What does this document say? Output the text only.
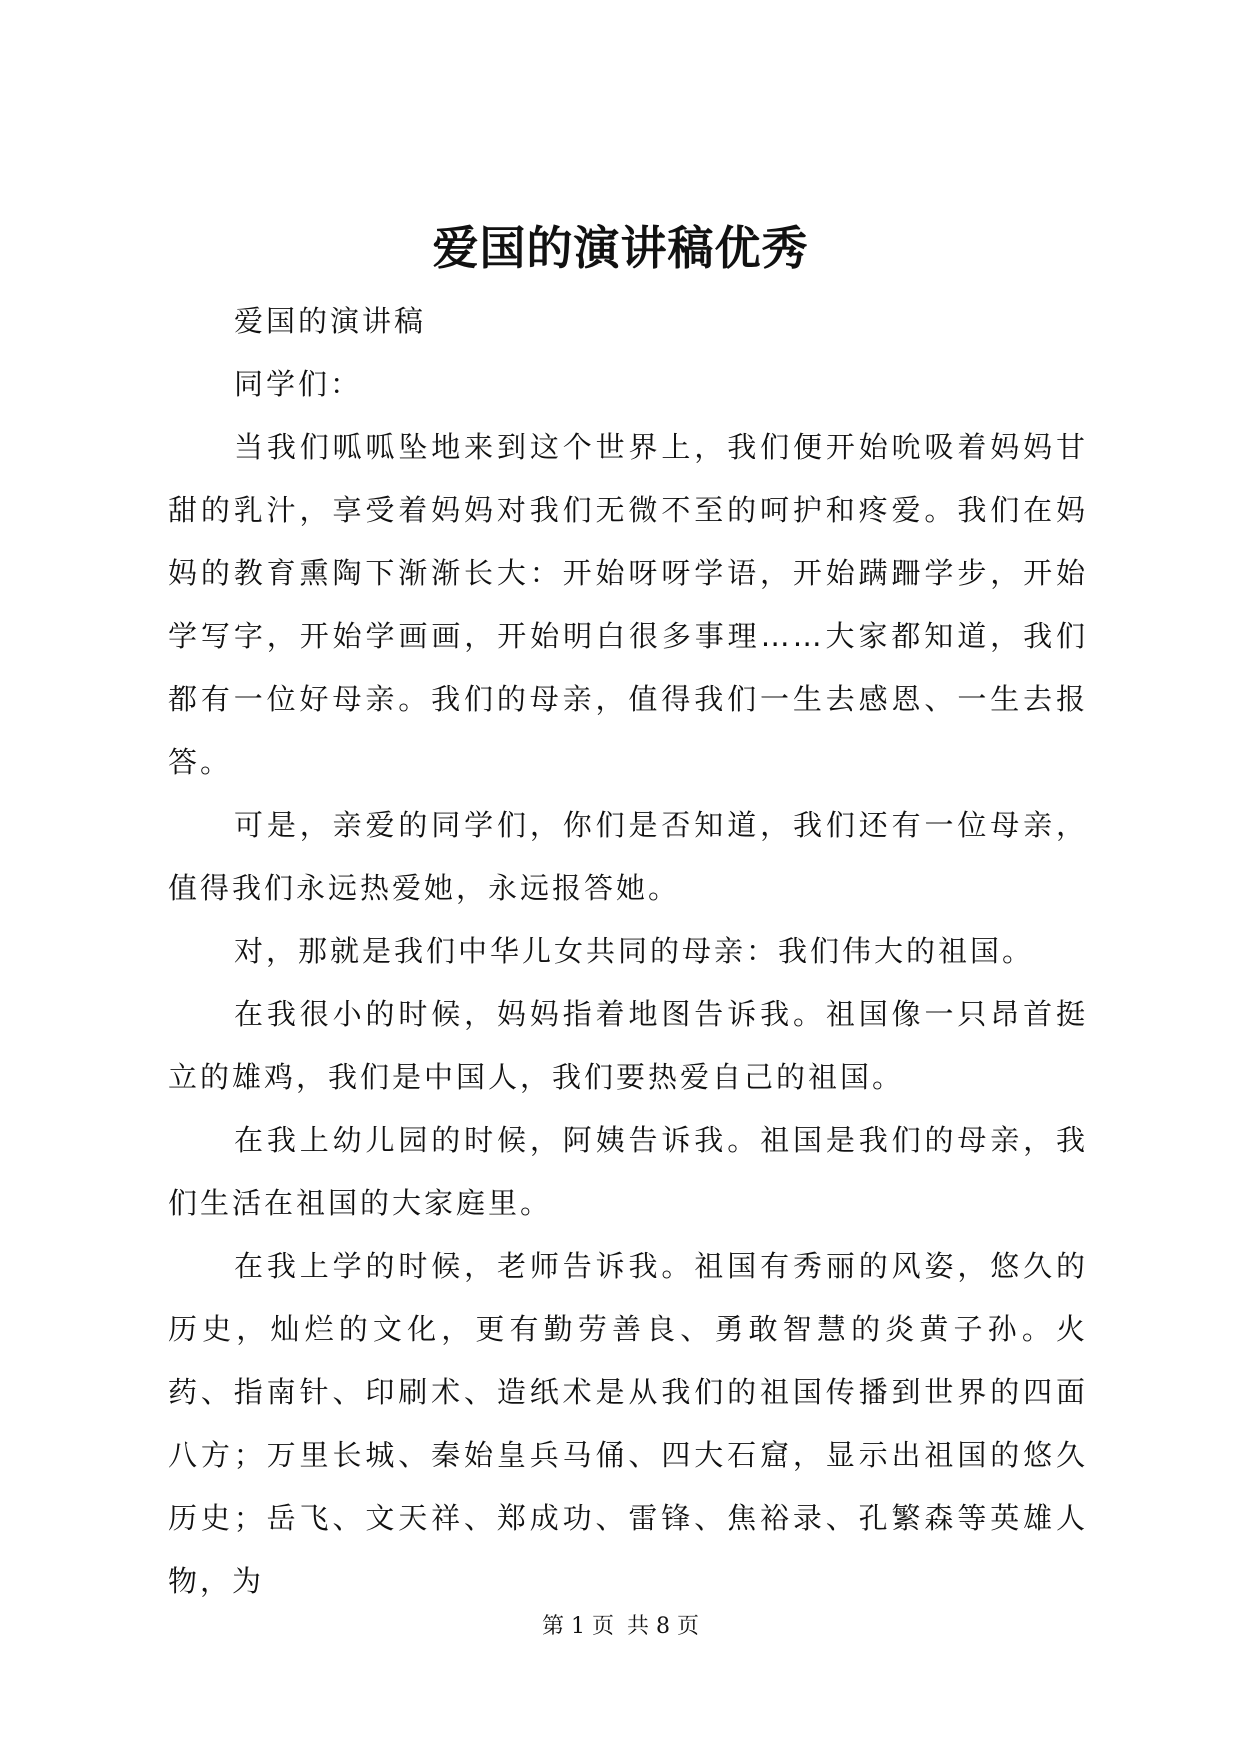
爱国的演讲稿优秀

爱国的演讲稿

同学们：

当我们呱呱坠地来到这个世界上，我们便开始吮吸着妈妈甘甜的乳汁，享受着妈妈对我们无微不至的呵护和疼爱。我们在妈妈的教育熏陶下渐渐长大：开始呀呀学语，开始蹒跚学步，开始学写字，开始学画画，开始明白很多事理……大家都知道，我们都有一位好母亲。我们的母亲，值得我们一生去感恩、一生去报答。

可是，亲爱的同学们，你们是否知道，我们还有一位母亲，值得我们永远热爱她，永远报答她。

对，那就是我们中华儿女共同的母亲：我们伟大的祖国。

在我很小的时候，妈妈指着地图告诉我。祖国像一只昂首挺立的雄鸡，我们是中国人，我们要热爱自己的祖国。

在我上幼儿园的时候，阿姨告诉我。祖国是我们的母亲，我们生活在祖国的大家庭里。

在我上学的时候，老师告诉我。祖国有秀丽的风姿，悠久的历史，灿烂的文化，更有勤劳善良、勇敢智慧的炎黄子孙。火药、指南针、印刷术、造纸术是从我们的祖国传播到世界的四面八方；万里长城、秦始皇兵马俑、四大石窟，显示出祖国的悠久历史；岳飞、文天祥、郑成功、雷锋、焦裕录、孔繁森等英雄人物，为

第 1 页 共 8 页
